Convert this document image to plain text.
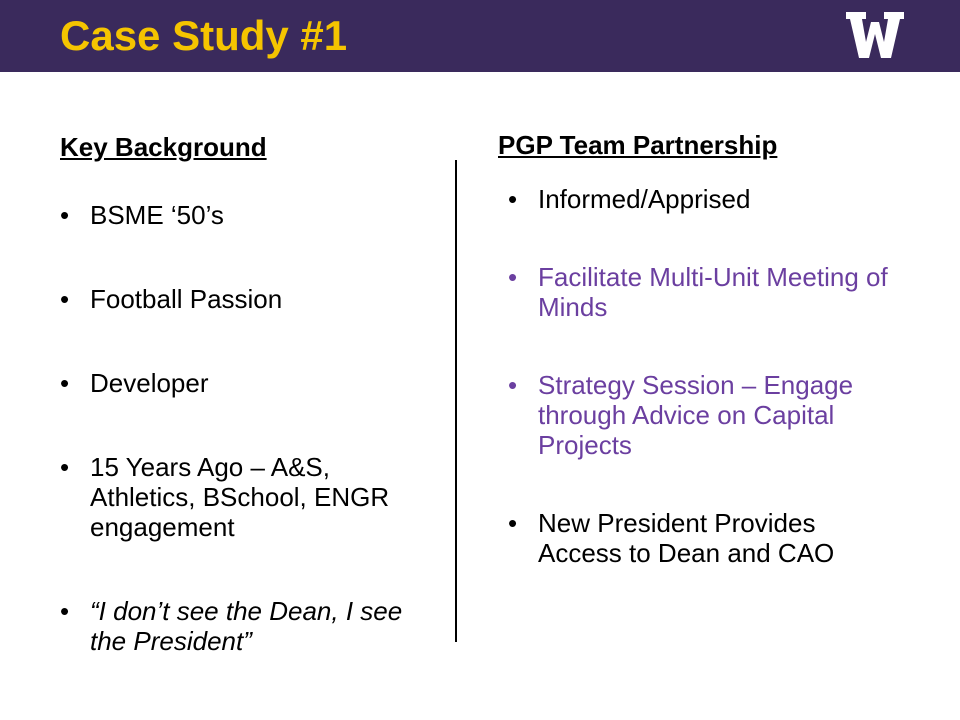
Case Study #1
Key Background
• BSME ‘50’s
• Football Passion
• Developer
• 15 Years Ago – A&S, Athletics, BSchool, ENGR engagement
• “I don’t see the Dean, I see the President”
PGP Team Partnership
• Informed/Apprised
• Facilitate Multi-Unit Meeting of Minds
• Strategy Session – Engage through Advice on Capital Projects
• New President Provides Access to Dean and CAO
